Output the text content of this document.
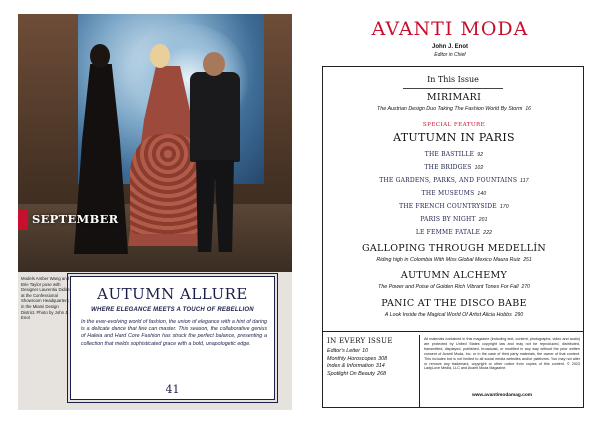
SEPTEMBER
Models Amber Wang and Brie Taylor pose with Designer Laurentiu Didire at the Confessional Showroom Headquarters in the Miami Design District. Photo by John J. Enot
AUTUMN ALLURE
WHERE ELEGANCE MEETS A TOUCH OF REBELLION
In the ever-evolving world of fashion, the union of elegance with a hint of daring is a delicate dance that few can master. This season, the collaborative genius of Haleia and Hard Core Fashion has struck the perfect balance, presenting a collection that melds sophisticated grace with a bold, unapologetic edge.
41
AVANTI MODA
John J. Enot
Editor in Chief
In This Issue
MIRIMARI
The Austrian Design Duo Taking The Fashion World By Storm 16
SPECIAL FEATURE
ATUTUMN IN PARIS
THE BASTILLE 92
THE BRIDGES 102
THE GARDENS, PARKS, AND FOUNTAINS 117
THE MUSEUMS 140
THE FRENCH COUNTRYSIDE 170
PARIS BY NIGHT 201
LE FEMME FATALE 222
GALLOPING THROUGH MEDELLÍN
Riding high in Colombia With Miss Global Mexico Maura Ruiz 251
AUTUMN ALCHEMY
The Power and Poise of Golden Rich Vibrant Tones For Fall 270
PANIC AT THE DISCO BABE
A Look Inside the Magical World Of Artist Alicia Hobbs 290
IN EVERY ISSUE
Editor's Letter 10
Monthly Horoscopes 308
Index & Information 314
Spotlight On Beauty 268
All materials contained in this magazine (including text, content, photographs, video and audio) are protected by United States copyright law and may not be reproduced, distributed, transmitted, displayed, published, broadcast, or modified in any way without the prior written consent of Avanti Moda, Inc. or in the case of third party materials, the owner of that content. This includes but is not limited to all social media websites and/or platforms. You may not alter or remove any trademark, copyright or other notice from copies of this content. © 2023 LadyLove Media, LLC and Avanti Moda Magazine.
www.avantimodamag.com
